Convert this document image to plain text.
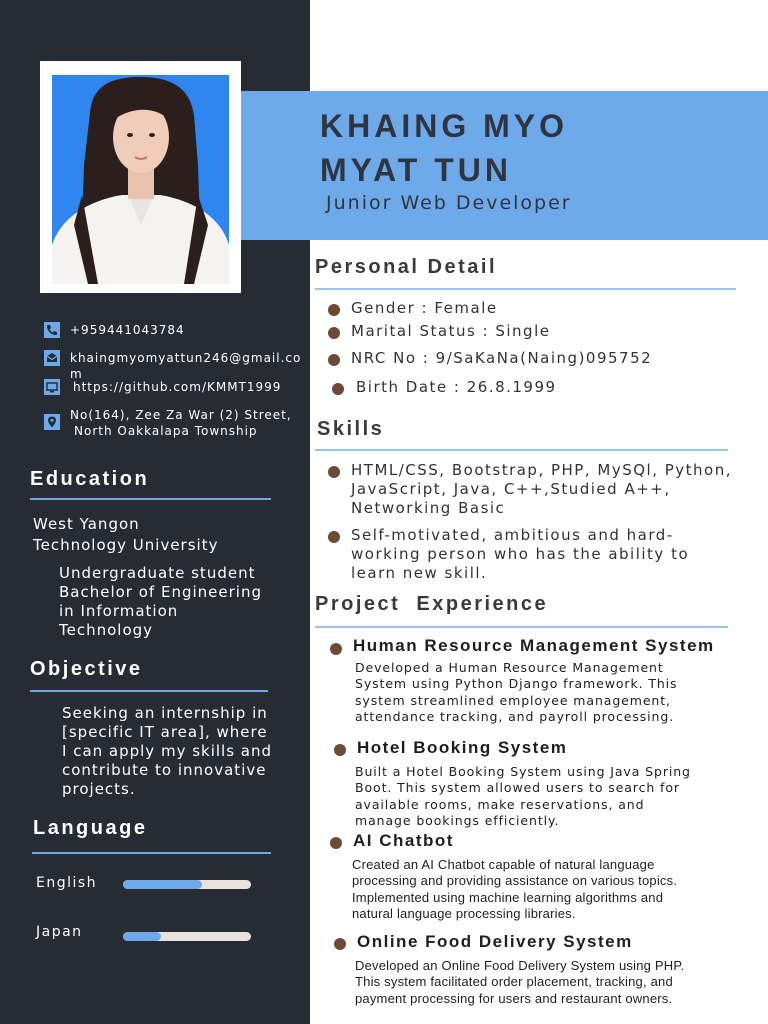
KHAING MYO
MYAT TUN
Junior Web Developer
+959441043784
khaingmyomyattun246@gmail.com
https://github.com/KMMT1999
No(164), Zee Za War (2) Street,
North Oakkalapa Township
Education
West Yangon
Technology University
Undergraduate student
Bachelor of Engineering
in Information
Technology
Objective
Seeking an internship in
[specific IT area], where
I can apply my skills and
contribute to innovative
projects.
Language
English
Japan
Personal Detail
Gender : Female
Marital Status : Single
NRC No : 9/SaKaNa(Naing)095752
Birth Date : 26.8.1999
Skills
HTML/CSS, Bootstrap, PHP, MySQl, Python,
JavaScript, Java, C++,Studied A++,
Networking Basic
Self-motivated, ambitious and hard-
working person who has the ability to
learn new skill.
Project  Experience
Human Resource Management System
Developed a Human Resource Management
System using Python Django framework. This
system streamlined employee management,
attendance tracking, and payroll processing.
Hotel Booking System
Built a Hotel Booking System using Java Spring
Boot. This system allowed users to search for
available rooms, make reservations, and
manage bookings efficiently.
AI Chatbot
Created an AI Chatbot capable of natural language
processing and providing assistance on various topics.
Implemented using machine learning algorithms and
natural language processing libraries.
Online Food Delivery System
Developed an Online Food Delivery System using PHP.
This system facilitated order placement, tracking, and
payment processing for users and restaurant owners.
